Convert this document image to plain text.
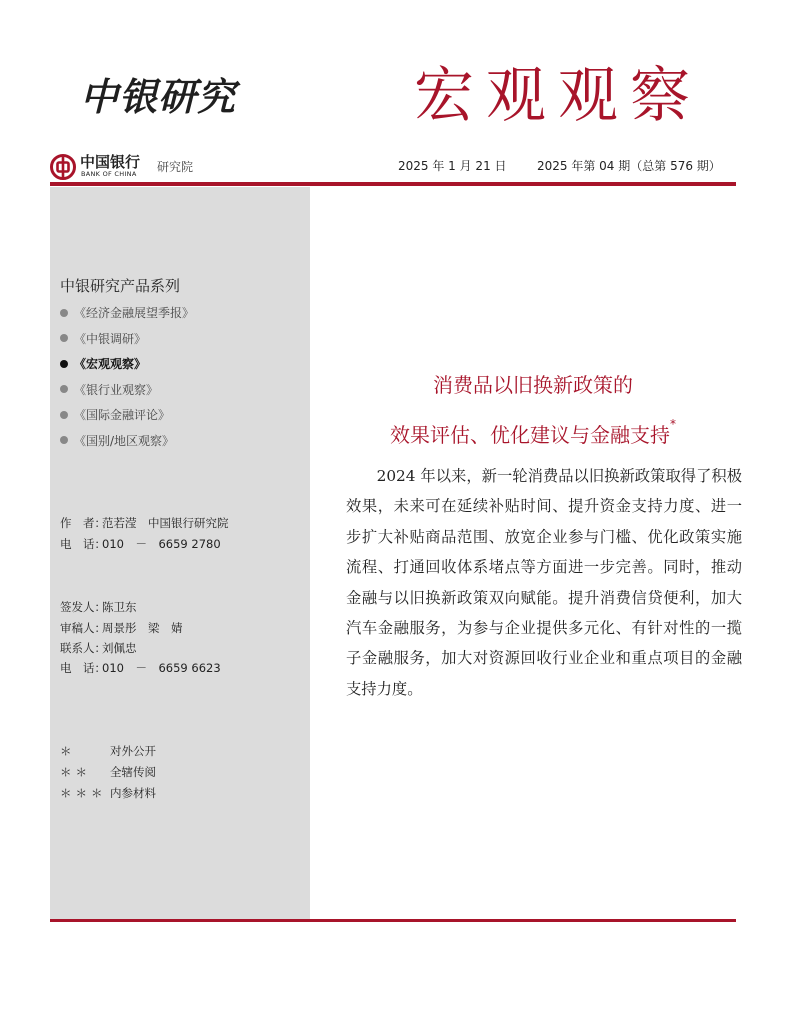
中银研究	宏观观察
中国银行
BANK OF CHINA 研究院	2025 年 1 月 21 日	2025 年第 04 期（总第 576 期）
中银研究产品系列
《经济金融展望季报》
《中银调研》
《宏观观察》
《银行业观察》
《国际金融评论》
《国别/地区观察》
作　者：范若滢　中国银行研究院
电　话：010　－　6659 2780
签发人：陈卫东
审稿人：周景彤　梁　婧
联系人：刘佩忠
电　话：010　－　6659 6623
＊	对外公开
＊＊ 全辖传阅
＊＊＊ 内参材料
消费品以旧换新政策的
效果评估、优化建议与金融支持*

2024 年以来，新一轮消费品以旧换新政策取得了积极效果，未来可在延续补贴时间、提升资金支持力度、进一步扩大补贴商品范围、放宽企业参与门槛、优化政策实施流程、打通回收体系堵点等方面进一步完善。同时，推动金融与以旧换新政策双向赋能。提升消费信贷便利，加大汽车金融服务，为参与企业提供多元化、有针对性的一揽子金融服务，加大对资源回收行业企业和重点项目的金融支持力度。
